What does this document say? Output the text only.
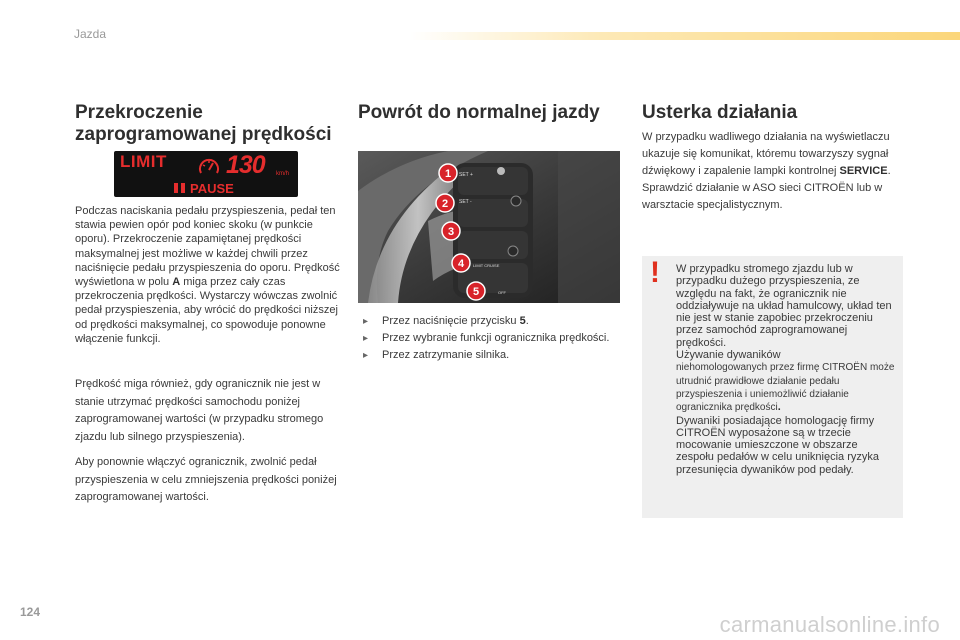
Jazda
Przekroczenie zaprogramowanej prędkości
LIMIT 130 km/h
PAUSE
Podczas naciskania pedału przyspieszenia, pedał ten stawia pewien opór pod koniec skoku (w punkcie oporu). Przekroczenie zapamiętanej prędkości maksymalnej jest możliwe w każdej chwili przez naciśnięcie pedału przyspieszenia do oporu. Prędkość wyświetlona w polu A miga przez cały czas przekroczenia prędkości. Wystarczy wówczas zwolnić pedał przyspieszenia, aby wrócić do prędkości niższej od prędkości maksymalnej, co spowoduje ponowne włączenie funkcji.
Prędkość miga również, gdy ogranicznik nie jest w stanie utrzymać prędkości samochodu poniżej zaprogramowanej wartości (w przypadku stromego zjazdu lub silnego przyspieszenia).
Aby ponownie włączyć ogranicznik, zwolnić pedał przyspieszenia w celu zmniejszenia prędkości poniżej zaprogramowanej wartości.
Powrót do normalnej jazdy
SET +
SET -
LIMIT CRUISE
OFF
1
2
3
4
5
▸ Przez naciśnięcie przycisku 5.
▸ Przez wybranie funkcji ogranicznika prędkości.
▸ Przez zatrzymanie silnika.
Usterka działania
W przypadku wadliwego działania na wyświetlaczu ukazuje się komunikat, któremu towarzyszy sygnał dźwiękowy i zapalenie lampki kontrolnej SERVICE.
Sprawdzić działanie w ASO sieci CITROËN lub w warsztacie specjalistycznym.
! W przypadku stromego zjazdu lub w przypadku dużego przyspieszenia, ze względu na fakt, że ogranicznik nie oddziaływuje na układ hamulcowy, układ ten nie jest w stanie zapobiec przekroczeniu przez samochód zaprogramowanej prędkości.
Używanie dywaników
niehomologowanych przez firmę CITROËN może utrudnić prawidłowe działanie pedału przyspieszenia i uniemożliwić działanie ogranicznika prędkości.
Dywaniki posiadające homologację firmy CITROËN wyposażone są w trzecie mocowanie umieszczone w obszarze zespołu pedałów w celu uniknięcia ryzyka przesunięcia dywaników pod pedały.
124	carmanualsonline.info
